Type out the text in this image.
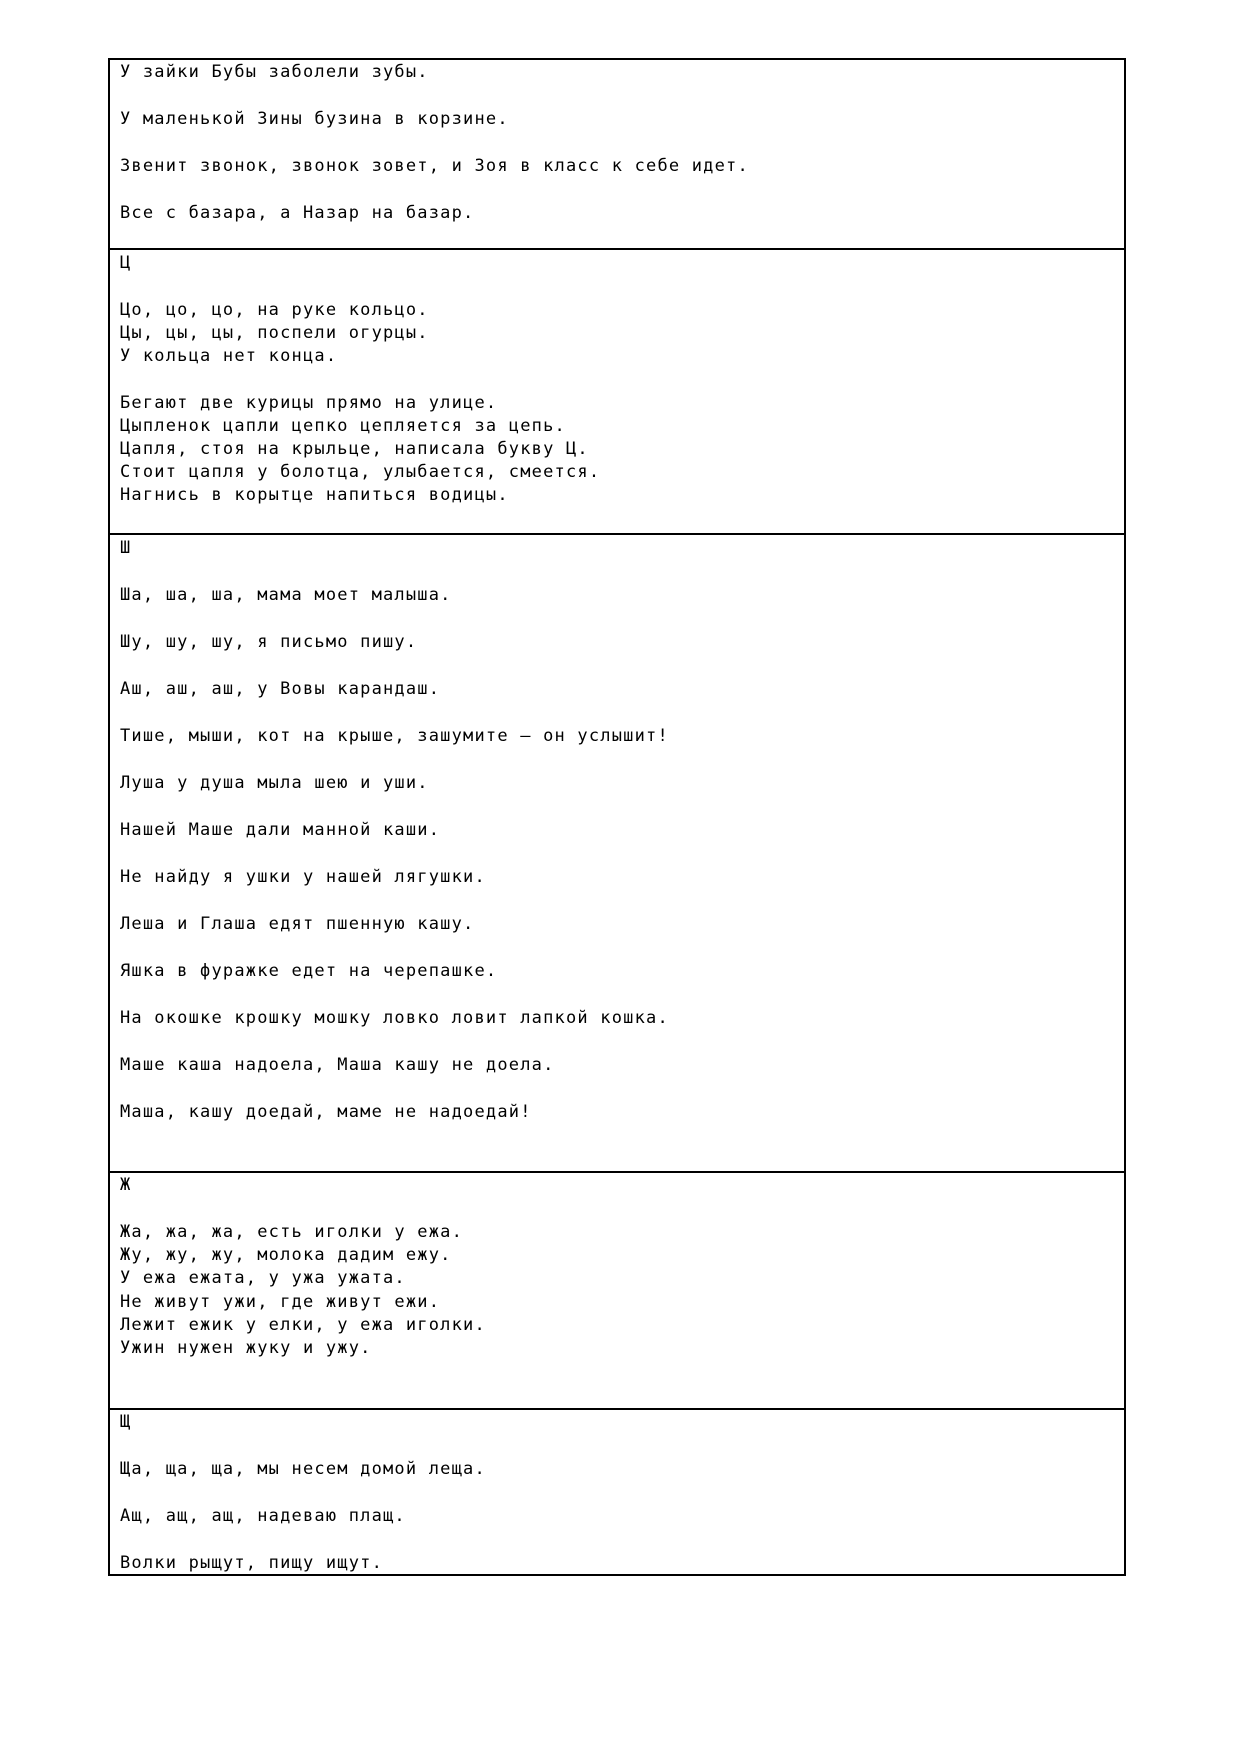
У зайки Бубы заболели зубы.
У маленькой Зины бузина в корзине.
Звенит звонок, звонок зовет, и Зоя в класс к себе идет.
Все с базара, а Назар на базар.
Ц
Цо, цо, цо, на руке кольцо.
Цы, цы, цы, поспели огурцы.
У кольца нет конца.
Бегают две курицы прямо на улице.
Цыпленок цапли цепко цепляется за цепь.
Цапля, стоя на крыльце, написала букву Ц.
Стоит цапля у болотца, улыбается, смеется.
Нагнись в корытце напиться водицы.
Ш
Ша, ша, ша, мама моет малыша.
Шу, шу, шу, я письмо пишу.
Аш, аш, аш, у Вовы карандаш.
Тише, мыши, кот на крыше, зашумите — он услышит!
Луша у душа мыла шею и уши.
Нашей Маше дали манной каши.
Не найду я ушки у нашей лягушки.
Леша и Глаша едят пшенную кашу.
Яшка в фуражке едет на черепашке.
На окошке крошку мошку ловко ловит лапкой кошка.
Маше каша надоела, Маша кашу не доела.
Маша, кашу доедай, маме не надоедай!
Ж
Жа, жа, жа, есть иголки у ежа.
Жу, жу, жу, молока дадим ежу.
У ежа ежата, у ужа ужата.
Не живут ужи, где живут ежи.
Лежит ежик у елки, у ежа иголки.
Ужин нужен жуку и ужу.
Щ
Ща, ща, ща, мы несем домой леща.
Ащ, ащ, ащ, надеваю плащ.
Волки рыщут, пищу ищут.
